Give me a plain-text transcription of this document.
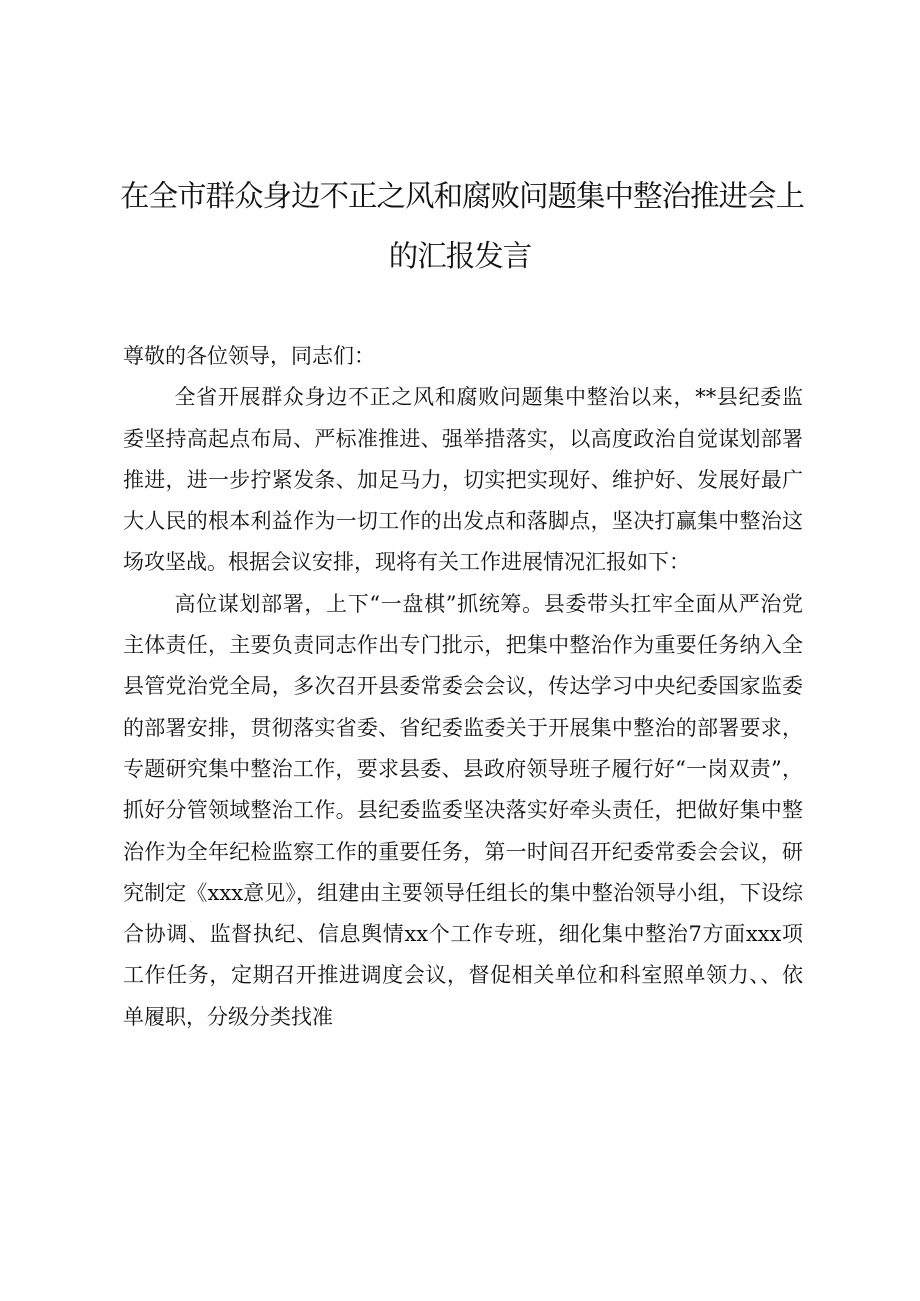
在全市群众身边不正之风和腐败问题集中整治推进会上
的汇报发言

尊敬的各位领导，同志们：

全省开展群众身边不正之风和腐败问题集中整治以来，**县纪委监委坚持高起点布局、严标准推进、强举措落实，以高度政治自觉谋划部署推进，进一步拧紧发条、加足马力，切实把实现好、维护好、发展好最广大人民的根本利益作为一切工作的出发点和落脚点，坚决打赢集中整治这场攻坚战。根据会议安排，现将有关工作进展情况汇报如下：

高位谋划部署，上下“一盘棋”抓统筹。县委带头扛牢全面从严治党主体责任，主要负责同志作出专门批示，把集中整治作为重要任务纳入全县管党治党全局，多次召开县委常委会会议，传达学习中央纪委国家监委的部署安排，贯彻落实省委、省纪委监委关于开展集中整治的部署要求，专题研究集中整治工作，要求县委、县政府领导班子履行好“一岗双责”，抓好分管领域整治工作。县纪委监委坚决落实好牵头责任，把做好集中整治作为全年纪检监察工作的重要任务，第一时间召开纪委常委会会议，研究制定《xxx意见》，组建由主要领导任组长的集中整治领导小组，下设综合协调、监督执纪、信息舆情xx个工作专班，细化集中整治7方面xxx项工作任务，定期召开推进调度会议，督促相关单位和科室照单领力、、依单履职，分级分类找准
